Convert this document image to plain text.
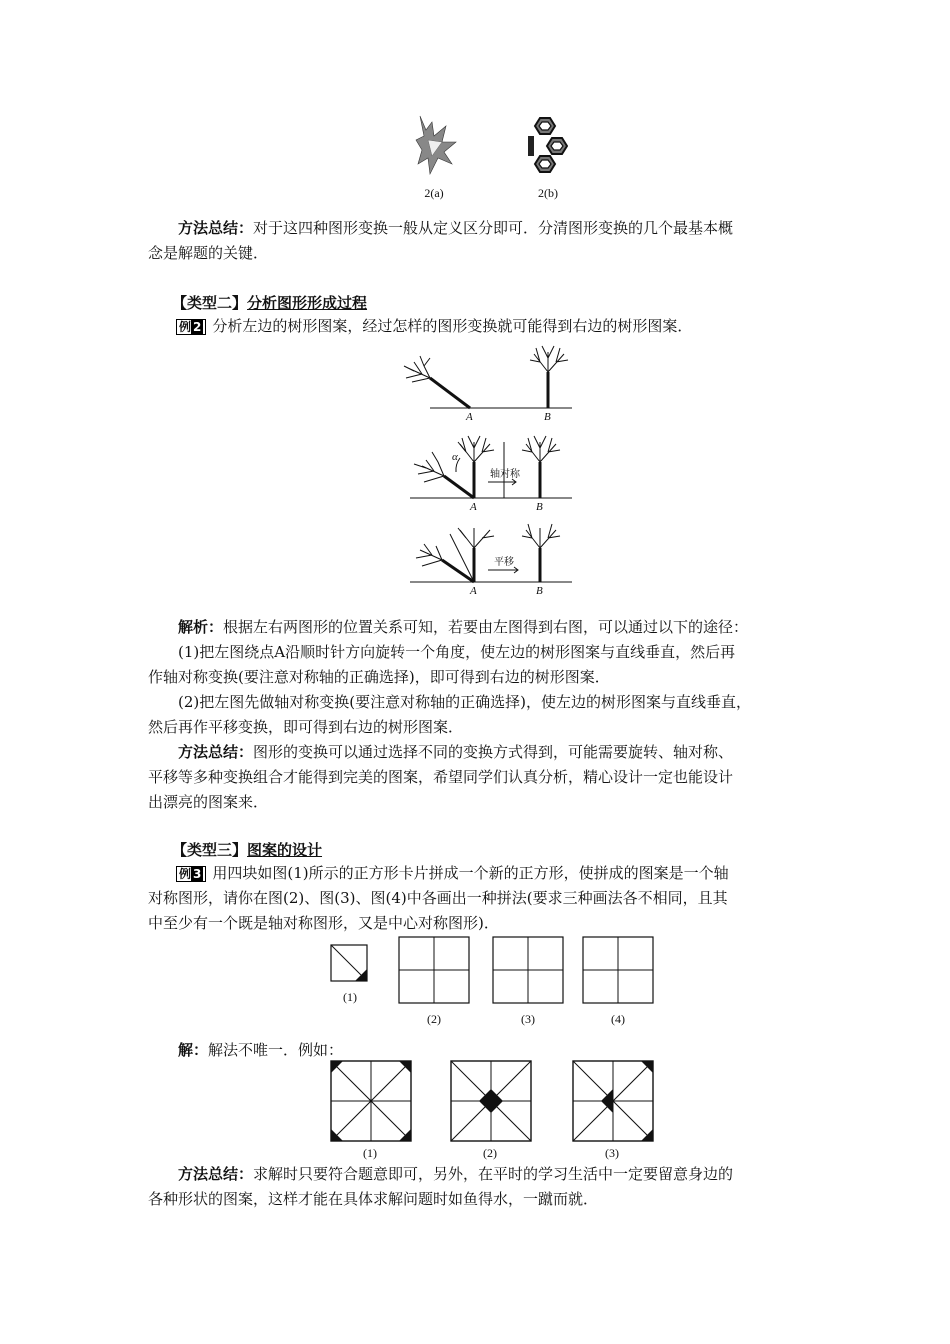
2(a)	2(b)
方法总结：对于这四种图形变换一般从定义区分即可．分清图形变换的几个最基本概
念是解题的关键．
【类型二】分析图形形成过程
例 2 分析左边的树形图案，经过怎样的图形变换就可能得到右边的树形图案．
A	B
A	B
A	B
α
轴对称
平移
解析：根据左右两图形的位置关系可知，若要由左图得到右图，可以通过以下的途径：
(1)把左图绕点A沿顺时针方向旋转一个角度，使左边的树形图案与直线垂直，然后再
作轴对称变换(要注意对称轴的正确选择)，即可得到右边的树形图案．
(2)把左图先做轴对称变换(要注意对称轴的正确选择)，使左边的树形图案与直线垂直，
然后再作平移变换，即可得到右边的树形图案．
方法总结：图形的变换可以通过选择不同的变换方式得到，可能需要旋转、轴对称、
平移等多种变换组合才能得到完美的图案，希望同学们认真分析，精心设计一定也能设计
出漂亮的图案来．
【类型三】图案的设计
例 3 用四块如图(1)所示的正方形卡片拼成一个新的正方形，使拼成的图案是一个轴
对称图形，请你在图(2)、图(3)、图(4)中各画出一种拼法(要求三种画法各不相同，且其
中至少有一个既是轴对称图形，又是中心对称图形)．
(1)
(2)	(3)	(4)
解：解法不唯一．例如：
(1)	(2)	(3)
方法总结：求解时只要符合题意即可，另外，在平时的学习生活中一定要留意身边的
各种形状的图案，这样才能在具体求解问题时如鱼得水，一蹴而就．
